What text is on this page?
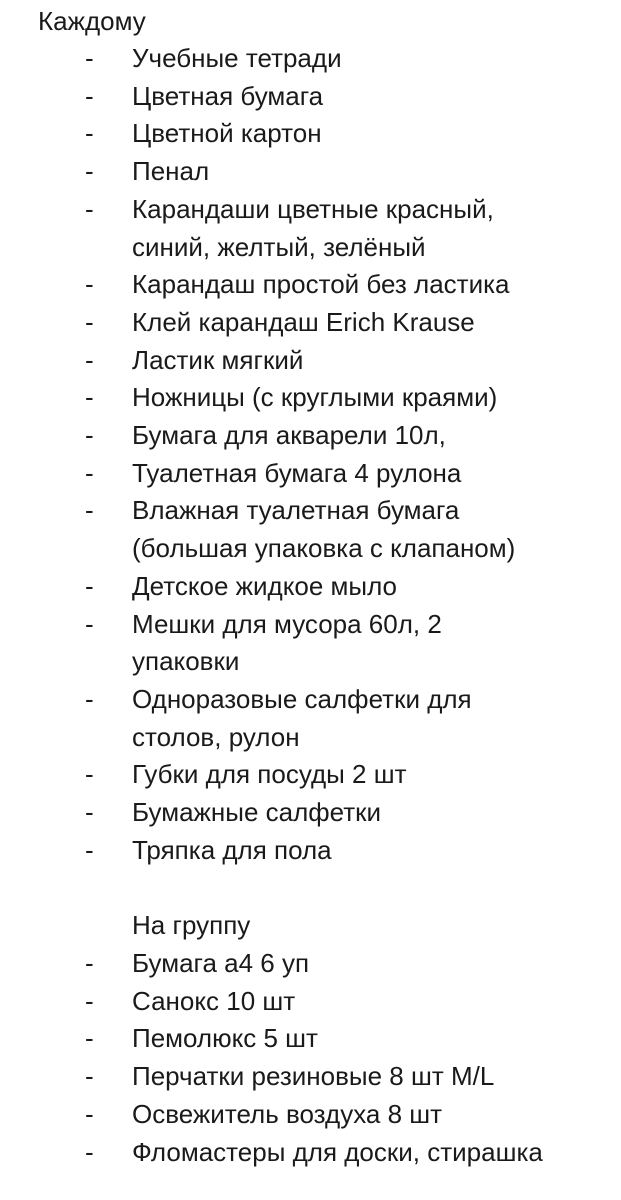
Каждому
- Учебные тетради
- Цветная бумага
- Цветной картон
- Пенал
- Карандаши цветные красный,
синий, желтый, зелёный
- Карандаш простой без ластика
- Клей карандаш Erich Krause
- Ластик мягкий
- Ножницы (с круглыми краями)
- Бумага для акварели 10л,
- Туалетная бумага 4 рулона
- Влажная туалетная бумага
(большая упаковка с клапаном)
- Детское жидкое мыло
- Мешки для мусора 60л, 2
упаковки
- Одноразовые салфетки для
столов, рулон
- Губки для посуды 2 шт
- Бумажные салфетки
- Тряпка для пола
На группу
- Бумага а4 6 уп
- Санокс 10 шт
- Пемолюкс 5 шт
- Перчатки резиновые 8 шт M/L
- Освежитель воздуха 8 шт
- Фломастеры для доски, стирашка
